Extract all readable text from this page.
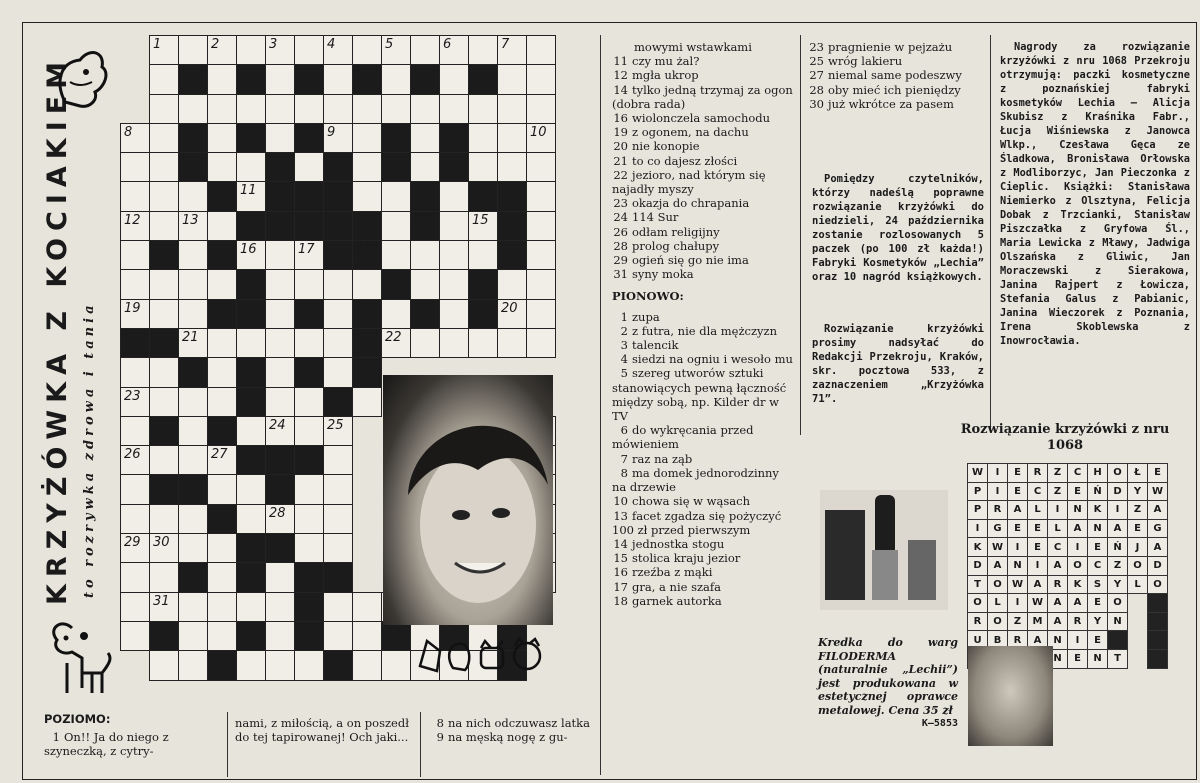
KRZYŻÓWKA Z KOCIAKIEM to rozrywka zdrowa i tania

	1		2		3		4		5		6		7	

8							9							10

				11										

12		13								14		15		

				16		17		18						

19													20	

		21							22					

23														

					24		25							

26			27											

					28									

29	30													

	31													

POZIOMO:

1 On!! Ja do niego z szyneczką, z cytry-

nami, z miłością, a on poszedł do tej tapirowanej! Och jaki...

8 na nich odczuwasz latka

9 na męską nogę z gu-

mowymi wstawkami

11 czy mu żal?

12 mgła ukrop

14 tylko jedną trzymaj za ogon (dobra rada)

16 wiolonczela samochodu

19 z ogonem, na dachu

20 nie konopie

21 to co dajesz złości

22 jezioro, nad którym się najadły myszy

23 okazja do chrapania

24 114 Sur

26 odłam religijny

28 prolog chałupy

29 ogień się go nie ima

31 syny moka

PIONOWO:

1 zupa

2 z futra, nie dla mężczyzn

3 talencik

4 siedzi na ogniu i wesoło mu

5 szereg utworów sztuki stanowiących pewną łączność między sobą, np. Kilder dr w TV

6 do wykręcania przed mówieniem

7 raz na ząb

8 ma domek jednorodzinny na drzewie

10 chowa się w wąsach

13 facet zgadza się pożyczyć 100 zł przed pierwszym

14 jednostka stogu

15 stolica kraju jezior

16 rzeźba z mąki

17 gra, a nie szafa

18 garnek autorka

23 pragnienie w pejzażu

25 wróg lakieru

27 niemal same podeszwy

28 oby mieć ich pieniędzy

30 już wkrótce za pasem

Pomiędzy czytelników, którzy nadeślą poprawne rozwiązanie krzyżówki do niedzieli, 24 października zostanie rozlosowanych 5 paczek (po 100 zł każda!) Fabryki Kosmetyków „Lechia” oraz 10 nagród książkowych.
Rozwiązanie krzyżówki prosimy nadsyłać do Redakcji Przekroju, Kraków, skr. pocztowa 533, z zaznaczeniem „Krzyżówka 71”.
Nagrody za rozwiązanie krzyżówki z nru 1068 Przekroju otrzymują: paczki kosmetyczne z poznańskiej fabryki kosmetyków Lechia — Alicja Skubisz z Kraśnika Fabr., Łucja Wiśniewska z Janowca Wlkp., Czesława Gęca ze Śladkowa, Bronisława Orłowska z Modliborzyc, Jan Pieczonka z Cieplic. Książki: Stanisława Niemierko z Olsztyna, Felicja Dobak z Trzcianki, Stanisław Piszczałka z Gryfowa Śl., Maria Lewicka z Mławy, Jadwiga Olszańska z Gliwic, Jan Moraczewski z Sierakowa, Janina Rajpert z Łowicza, Stefania Galus z Pabianic, Janina Wieczorek z Poznania, Irena Skoblewska z Inowrocławia.
Rozwiązanie krzyżówki z nru 1068
W	I	E	R	Z	C	H	O	Ł	E
P	I	E	C	Z	E	Ń	D	Y	W
P	R	A	L	I	N	K	I	Z	A
I	G	E	E	L	A	N	A	E	G
K	W	I	E	C	I	E	Ń	J	A
D	A	N	I	A	O	C	Z	O	D
T	O	W	A	R	K	S	Y	L	O
O	L	I	W	A	A	E	O		
R	O	Z	M	A	R	Y	N		
U	B	R	A	N	I	E			
				N	E	N	T		
Kredka do warg FILODERMA (naturalnie „Lechii”) jest produkowana w estetycznej oprawce metalowej. Cena 35 zł
K—5853
